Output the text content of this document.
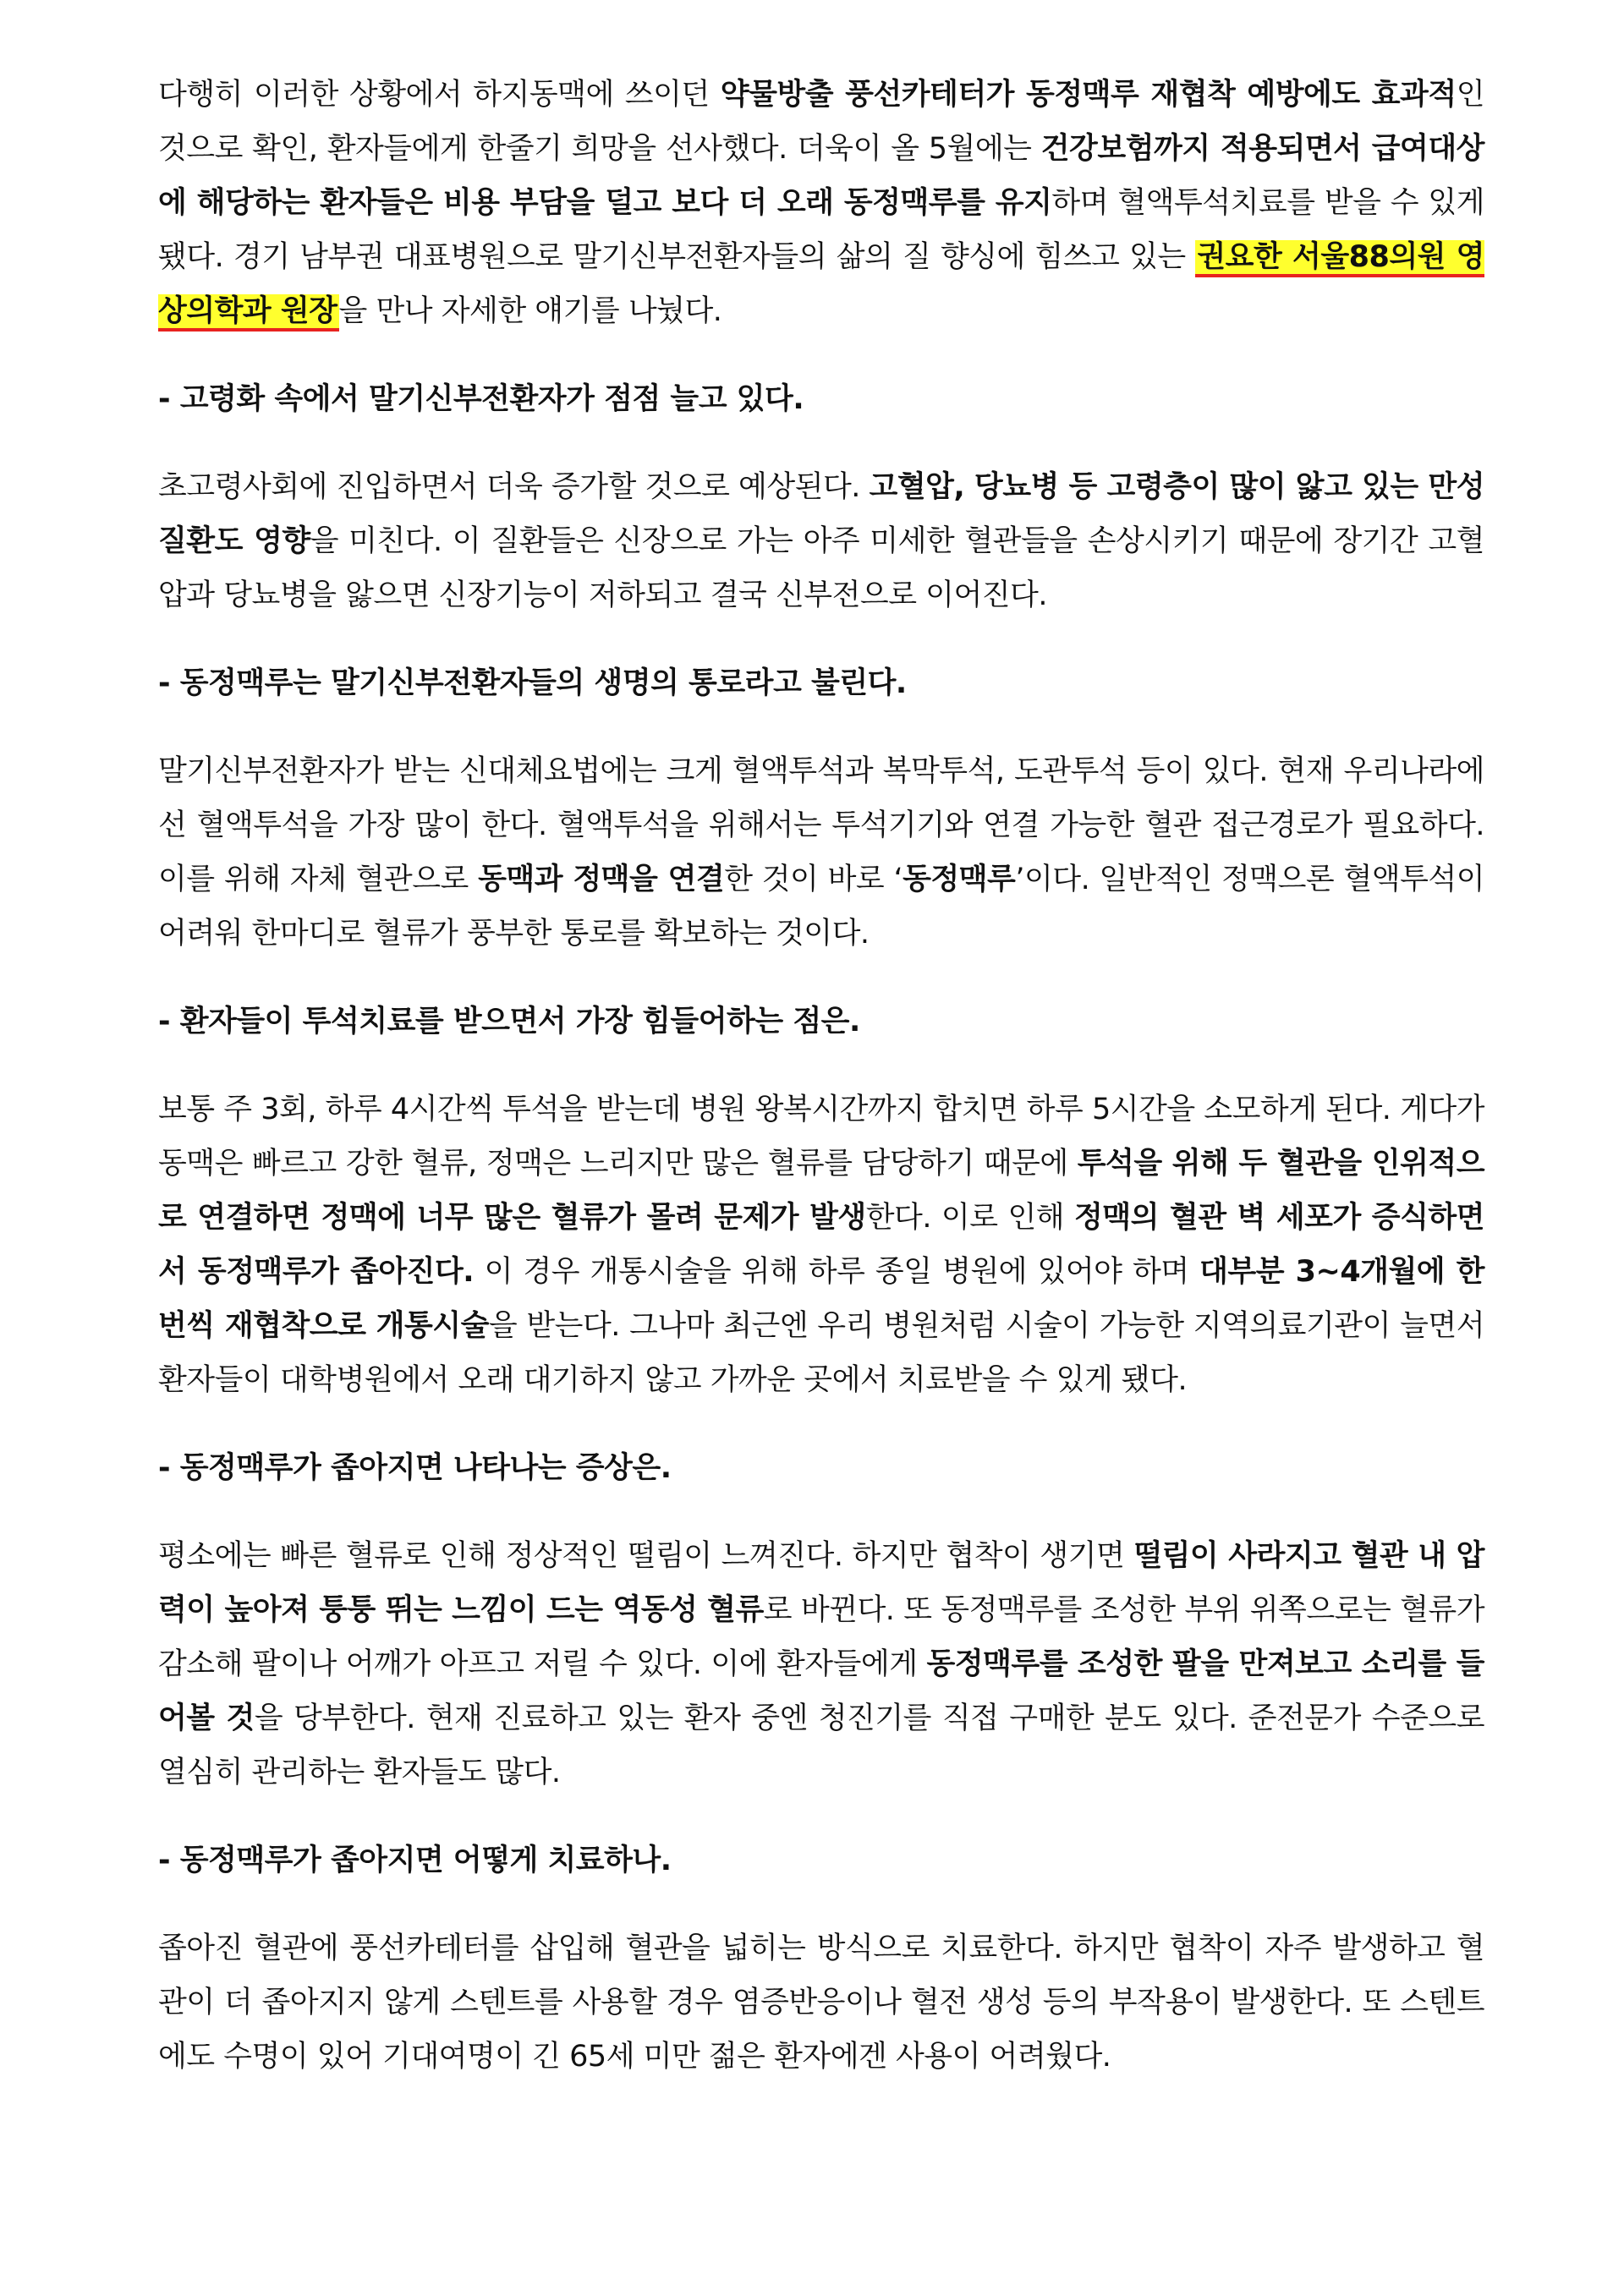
다행히 이러한 상황에서 하지동맥에 쓰이던 약물방출 풍선카테터가 동정맥루 재협착 예방에도 효과적인 것으로 확인, 환자들에게 한줄기 희망을 선사했다. 더욱이 올 5월에는 건강보험까지 적용되면서 급여대상에 해당하는 환자들은 비용 부담을 덜고 보다 더 오래 동정맥루를 유지하며 혈액투석치료를 받을 수 있게 됐다. 경기 남부권 대표병원으로 말기신부전환자들의 삶의 질 향싱에 힘쓰고 있는 권요한 서울88의원 영상의학과 원장을 만나 자세한 얘기를 나눴다.

- 고령화 속에서 말기신부전환자가 점점 늘고 있다.

초고령사회에 진입하면서 더욱 증가할 것으로 예상된다. 고혈압, 당뇨병 등 고령층이 많이 앓고 있는 만성질환도 영향을 미친다. 이 질환들은 신장으로 가는 아주 미세한 혈관들을 손상시키기 때문에 장기간 고혈압과 당뇨병을 앓으면 신장기능이 저하되고 결국 신부전으로 이어진다.

- 동정맥루는 말기신부전환자들의 생명의 통로라고 불린다.

말기신부전환자가 받는 신대체요법에는 크게 혈액투석과 복막투석, 도관투석 등이 있다. 현재 우리나라에선 혈액투석을 가장 많이 한다. 혈액투석을 위해서는 투석기기와 연결 가능한 혈관 접근경로가 필요하다. 이를 위해 자체 혈관으로 동맥과 정맥을 연결한 것이 바로 ‘동정맥루’이다. 일반적인 정맥으론 혈액투석이 어려워 한마디로 혈류가 풍부한 통로를 확보하는 것이다.

- 환자들이 투석치료를 받으면서 가장 힘들어하는 점은.

보통 주 3회, 하루 4시간씩 투석을 받는데 병원 왕복시간까지 합치면 하루 5시간을 소모하게 된다. 게다가 동맥은 빠르고 강한 혈류, 정맥은 느리지만 많은 혈류를 담당하기 때문에 투석을 위해 두 혈관을 인위적으로 연결하면 정맥에 너무 많은 혈류가 몰려 문제가 발생한다. 이로 인해 정맥의 혈관 벽 세포가 증식하면서 동정맥루가 좁아진다. 이 경우 개통시술을 위해 하루 종일 병원에 있어야 하며 대부분 3~4개월에 한 번씩 재협착으로 개통시술을 받는다. 그나마 최근엔 우리 병원처럼 시술이 가능한 지역의료기관이 늘면서 환자들이 대학병원에서 오래 대기하지 않고 가까운 곳에서 치료받을 수 있게 됐다.

- 동정맥루가 좁아지면 나타나는 증상은.

평소에는 빠른 혈류로 인해 정상적인 떨림이 느껴진다. 하지만 협착이 생기면 떨림이 사라지고 혈관 내 압력이 높아져 퉁퉁 뛰는 느낌이 드는 역동성 혈류로 바뀐다. 또 동정맥루를 조성한 부위 위쪽으로는 혈류가 감소해 팔이나 어깨가 아프고 저릴 수 있다. 이에 환자들에게 동정맥루를 조성한 팔을 만져보고 소리를 들어볼 것을 당부한다. 현재 진료하고 있는 환자 중엔 청진기를 직접 구매한 분도 있다. 준전문가 수준으로 열심히 관리하는 환자들도 많다.

- 동정맥루가 좁아지면 어떻게 치료하나.

좁아진 혈관에 풍선카테터를 삽입해 혈관을 넓히는 방식으로 치료한다. 하지만 협착이 자주 발생하고 혈관이 더 좁아지지 않게 스텐트를 사용할 경우 염증반응이나 혈전 생성 등의 부작용이 발생한다. 또 스텐트에도 수명이 있어 기대여명이 긴 65세 미만 젊은 환자에겐 사용이 어려웠다.
